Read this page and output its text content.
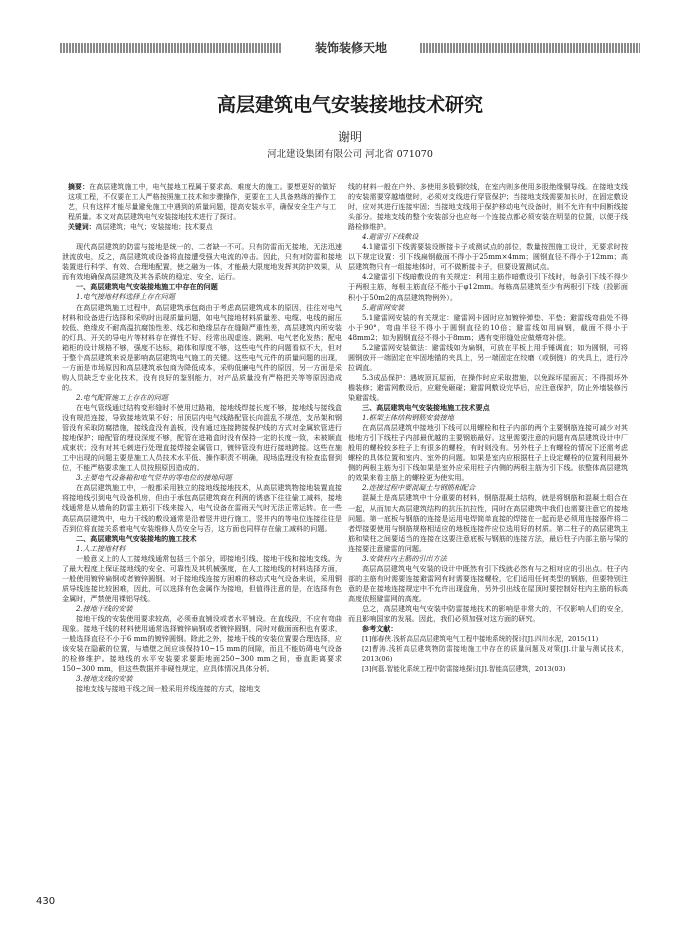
装饰装修天地
高层建筑电气安装接地技术研究
谢明
河北建设集团有限公司 河北省 071070

摘要：在高层建筑施工中，电气接地工程属于要求高、难度大的施工。要想更好的做好这项工程，不仅要在工人严格按照施工技术和步骤操作，更要在工人具备熟练的操作工艺，只有这样才能尽量避免施工中遇到的质量问题，提高安装水平，确保安全生产与工程质量。本文对高层建筑电气安装接地技术进行了探讨。

关键词：高层建筑；电气；安装接地；技术要点

现代高层建筑的防雷与接地是统一的、二者缺一不可。只有防雷而无接地，无法迅速泄流放电，反之，高层建筑或设备将直接遭受强大电流的冲击。因此，只有对防雷和接地装置进行科学、有效、合理地配置，使之融为一体，才能最大限度地发挥其防护效果，从而有效地确保高层建筑及其各系统的稳定、安全、运行。

一、高层建筑电气安装接地施工中存在的问题

1.电气接地材料选择上存在问题

在高层建筑施工过程中，高层建筑承包商由于考虑高层建筑成本的原因，往往对电气材料和设备进行选择和采购时出现质量问题，如电气接地材料质量差、电缆、电线的耐压较低、绝缘皮不耐高温抗腐蚀性差、线芯和绝缘层存在缝隙严重性差，高层建筑内所安装的灯具、开关的导电片等材料存在弹性不好、经常出现虚连、跳闸、电气老化发热；配电箱柜的设计规格不够，强度不达标，箱体和厚度不够，这些电气件的问题看似不大，但对于整个高层建筑来说是影响高层建筑电气施工的关键。这些电气元件的质量问题的出现，一方面是市场原因和高层建筑承包商为降低成本，采购低廉电气件的原因，另一方面是采购人员缺乏专业化技术，没有良好的鉴别能力，对产品质量没有严格把关等等原因造成的。

2.电气配管施工上存在的问题

在电气管线通过结构变形缝时不使用过路箱，接地线焊接长度不够，接地线与接线盒没有规范连接，导致接地效果不好；吊顶层内电气线路配管长向混乱不规范，支吊架和钢管没有采取防腐措施，接线盒没有盖板，没有通过连接跨接保护线的方式对金属软管进行接地保护；暗配管的埋设深度不够，配管在进箱盒时没有保持一定的长度一致，未被顺直成束状；没有对其毛刺进行处理直接焊接金属管口，镀锌管没有进行接地跨接。这些在施工中出现的问题主要是施工人员技术水平低、操作职责不明确，现场监理没有检查监督到位，不能严格要求施工人员按照原因造成的。

3.主要电气设备箱和电气竖井的等电位的接地问题

在高层建筑施工中，一般都采用独立的接地线接地技术，从高层建筑物接地装置直接将接地线引到电气设备机房，但由于承包高层建筑商在利润的诱惑下往往偷工减料，接地线通常是从墙角的防雷主筋引下线来接入，电气设备在雷雨天气时无法正常运转。在一些高层高层建筑中，电力干线的敷设通常是沿着竖井进行施工，竖井内的等电位连接往往是否到位将直接关系着电气安装维修人员安全与否，这方面也同样存在偷工减料的问题。

二、高层建筑电气安装接地的施工技术

1.人工接地材料

一般意义上的人工接地线通常包括三个部分，即接地引线、接地干线和接地支线。为了最大程度上保证接地线的安全、可靠性及其机械强度，在人工接地线的材料选择方面，一般使用镀锌扁钢或者镀锌圆钢。对于接地线连接方困难的移动式电气设备来说，采用铜质导线连接比较困难，因此，可以选择有色金属作为接地，但值得注意的是，在选择有色金属时，严禁使用裸铝导线。

2.接地干线的安装

接地干线的安装使用要求较高，必须垂直铺设或者水平铺设。在直线段，不应有弯曲现象。接地干线的材料使用通常选择镀锌扁钢或者镀锌圆钢，同时对截面面积也有要求，一般选择直径不小于6 mm的镀锌圆钢。除此之外，接地干线的安装位置要合理选择，应该安装在隐蔽的位置，与墙壁之间应该保持10~15 mm的间隙，而且不能妨碍电气设备的检修维护。接地线的水平安装要求要距地面250~300 mm之间，垂直距离要求150~300 mm，但这些数据并非硬性规定，应具体情况具体分析。

3.接地支线的安装

接地支线与接地干线之间一般采用并线连接的方式，接地支

线的材料一般在户外、多使用多股铜绞线，在室内则多使用多股绝缘铜导线。在接地支线的安装需要穿越墙壁时，必须对支线进行穿管保护；当接地支线需要加长时，在固定敷设时，应对其进行连接牢固；当接地支线用于保护移动电气设备时，则不允许有中间断线接头部分。接地支线的整个安装部分也应每一个连接点都必须安装在明显的位置，以便于线路检修维护。

4.避雷引下线敷设

4.1避雷引下线需要装设断接卡子或测试点的部位，数量按图施工设计，无要求时按以下规定设置：引下线扁钢截面不得小于25mm×4mm；圆钢直径不得小于12mm；高层建筑物只有一组接地体时，可不做断接卡子，但要设置测试点。

4.2避雷引下线暗敷设的有关规定：利用主筋作暗敷设引下线时，每条引下线不得少于两根主筋，每根主筋直径不能小于φ12mm。每栋高层建筑至少有两根引下线（投影面积小于50m2的高层建筑物例外）。

5.避雷网安装

5.1避雷网安装的有关规定：避雷网卡固时应加镀锌弹垫、平垫；避雷线弯曲处不得小于90°，弯曲半径不得小于圆钢直径的10倍；避雷线如用扁钢，截面不得小于48mm2；如为圆钢直径不得小于8mm；遇有变形缝处应做煨弯补偿。

5.2避雷网安装做法：避雷线如为扁钢，可放在平板上用手锤调直；如为圆钢，可将圆钢放开一端固定在牢固地锚的夹具上，另一端固定在绞磨（或倒链）的夹具上，进行冷拉调直。

5.3成品保护：遇坡顶瓦屋面，在操作时应采取措施，以免踩坏屋面瓦；不得损坏外檐装修；避雷网敷设后，应避免砸碰；避雷网敷设完毕后，应注意保护，防止外墙装修污染避雷线。

三、高层建筑电气安装接地施工技术要点

1.框架主体结构钢筋安装接地

在高层高层建筑中接地引下线可以用螺栓和柱子内部的两个主要钢筋连接可减少对其他地方引下线柱子内部最优越的主要钢筋最好。这里需要注意的问题有高层建筑设计中厂般用的螺栓较多柱子上有很多的螺栓，有时则没有。另外柱子上有螺栓的情况下还需考虑螺栓的具体位置和室内、室外的问题。如果是室内应根据柱子上设定螺栓的位置利用最外侧的两根主筋为引下线如果是室外应采用柱子内侧的两根主筋为引下线。依整体高层建筑的效果来看主筋上的螺栓更为使实用。

2.连接过程中要混凝土与钢筋相配合

混凝土是高层建筑中十分重要的材料，钢筋混凝土结构，就是将钢筋和混凝土组合在一起，从而加大高层建筑结构的抗压抗拉性，同时在高层建筑中我们也需要注意它的接地问题。第一底板与钢筋的连接是运用电焊简单直接的焊接在一起而是必须用连接器件将二者焊接要使用与钢筋规格相适应的地板连接件应位选用好的材质。第二柱子的高层建筑主筋和梁柱之间要适当的连接在这要注意底板与钢筋的连接方法，最后柱子内部主筋与梁的连接要注意避雷的问题。

3.安装柱内主筋的引出方法

高层高层建筑电气安装的设计中既然有引下线就必然有与之相对应的引出点。柱子内部的主筋有时需要连接避雷网有时需要连接螺栓，它们适用任何类型的钢筋，但要特别注意的是在接地连接规定中不允许出现盘角，另外引出线在屋顶时要控制好柱内主筋的标高高度依照避雷网的高度。

总之，高层建筑电气安装中防雷接地技术的影响是非常大的，不仅影响人们的安全，而且影响国家的发展。因此，我们必须加强对这方面的研究。

参考文献：

[1]郁春侠.浅析高层高层建筑电气工程中接地系统的探讨[J].四川水泥，2015(11)

[2]曹涛.浅析高层建筑物防雷接地施工中存在的质量问题及对策[J].计量与测试技术，2013(06)

[3]何磊.智能化系统工程中防雷接地探讨[J].智能高层建筑，2013(03)

430
